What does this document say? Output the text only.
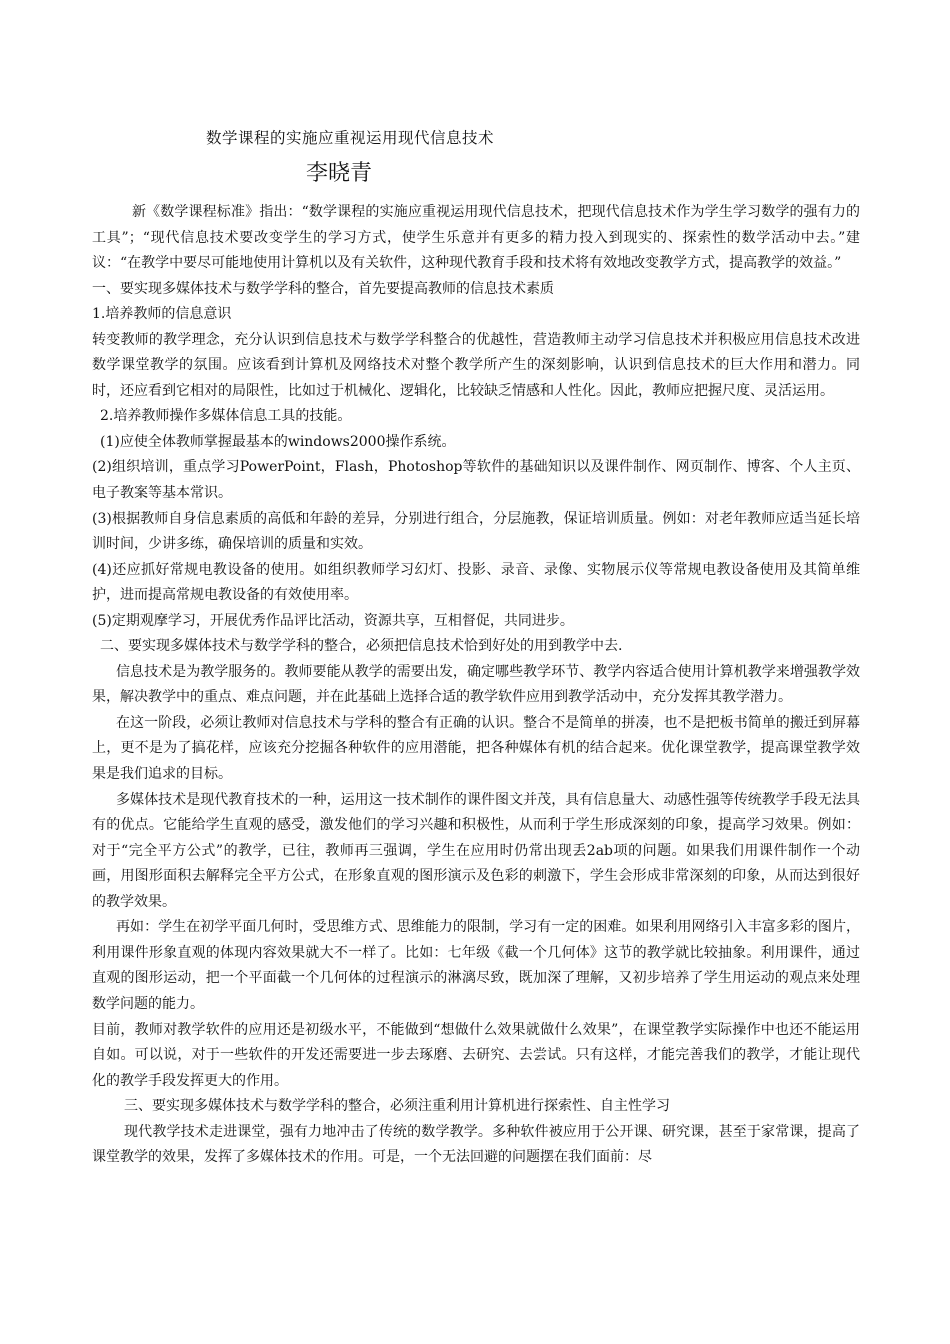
数学课程的实施应重视运用现代信息技术
李晓青

新《数学课程标准》指出：“数学课程的实施应重视运用现代信息技术，把现代信息技术作为学生学习数学的强有力的工具”；“现代信息技术要改变学生的学习方式，使学生乐意并有更多的精力投入到现实的、探索性的数学活动中去。”建议：“在教学中要尽可能地使用计算机以及有关软件，这种现代教育手段和技术将有效地改变教学方式，提高教学的效益。”

一、要实现多媒体技术与数学学科的整合，首先要提高教师的信息技术素质

1.培养教师的信息意识

转变教师的教学理念，充分认识到信息技术与数学学科整合的优越性，营造教师主动学习信息技术并积极应用信息技术改进数学课堂教学的氛围。应该看到计算机及网络技术对整个教学所产生的深刻影响，认识到信息技术的巨大作用和潜力。同时，还应看到它相对的局限性，比如过于机械化、逻辑化，比较缺乏情感和人性化。因此，教师应把握尺度、灵活运用。

2.培养教师操作多媒体信息工具的技能。

(1)应使全体教师掌握最基本的windows2000操作系统。

(2)组织培训，重点学习PowerPoint，Flash，Photoshop等软件的基础知识以及课件制作、网页制作、博客、个人主页、电子教案等基本常识。

(3)根据教师自身信息素质的高低和年龄的差异，分别进行组合，分层施教，保证培训质量。例如：对老年教师应适当延长培训时间，少讲多练，确保培训的质量和实效。

(4)还应抓好常规电教设备的使用。如组织教师学习幻灯、投影、录音、录像、实物展示仪等常规电教设备使用及其简单维护，进而提高常规电教设备的有效使用率。

(5)定期观摩学习，开展优秀作品评比活动，资源共享，互相督促，共同进步。

二、要实现多媒体技术与数学学科的整合，必须把信息技术恰到好处的用到教学中去.

信息技术是为教学服务的。教师要能从教学的需要出发，确定哪些教学环节、教学内容适合使用计算机教学来增强教学效果，解决教学中的重点、难点问题，并在此基础上选择合适的教学软件应用到教学活动中，充分发挥其教学潜力。

在这一阶段，必须让教师对信息技术与学科的整合有正确的认识。整合不是简单的拼凑，也不是把板书简单的搬迁到屏幕上，更不是为了搞花样，应该充分挖掘各种软件的应用潜能，把各种媒体有机的结合起来。优化课堂教学，提高课堂教学效果是我们追求的目标。

多媒体技术是现代教育技术的一种，运用这一技术制作的课件图文并茂，具有信息量大、动感性强等传统教学手段无法具有的优点。它能给学生直观的感受，激发他们的学习兴趣和积极性，从而利于学生形成深刻的印象，提高学习效果。例如：对于“完全平方公式”的教学，已往，教师再三强调，学生在应用时仍常出现丢2ab项的问题。如果我们用课件制作一个动画，用图形面积去解释完全平方公式，在形象直观的图形演示及色彩的刺激下，学生会形成非常深刻的印象，从而达到很好的教学效果。

再如：学生在初学平面几何时，受思维方式、思维能力的限制，学习有一定的困难。如果利用网络引入丰富多彩的图片，利用课件形象直观的体现内容效果就大不一样了。比如：七年级《截一个几何体》这节的教学就比较抽象。利用课件，通过直观的图形运动，把一个平面截一个几何体的过程演示的淋漓尽致，既加深了理解，又初步培养了学生用运动的观点来处理数学问题的能力。

目前，教师对教学软件的应用还是初级水平，不能做到“想做什么效果就做什么效果”，在课堂教学实际操作中也还不能运用自如。可以说，对于一些软件的开发还需要进一步去琢磨、去研究、去尝试。只有这样，才能完善我们的教学，才能让现代化的教学手段发挥更大的作用。

三、要实现多媒体技术与数学学科的整合，必须注重利用计算机进行探索性、自主性学习

现代教学技术走进课堂，强有力地冲击了传统的数学教学。多种软件被应用于公开课、研究课，甚至于家常课，提高了课堂教学的效果，发挥了多媒体技术的作用。可是，一个无法回避的问题摆在我们面前：尽
